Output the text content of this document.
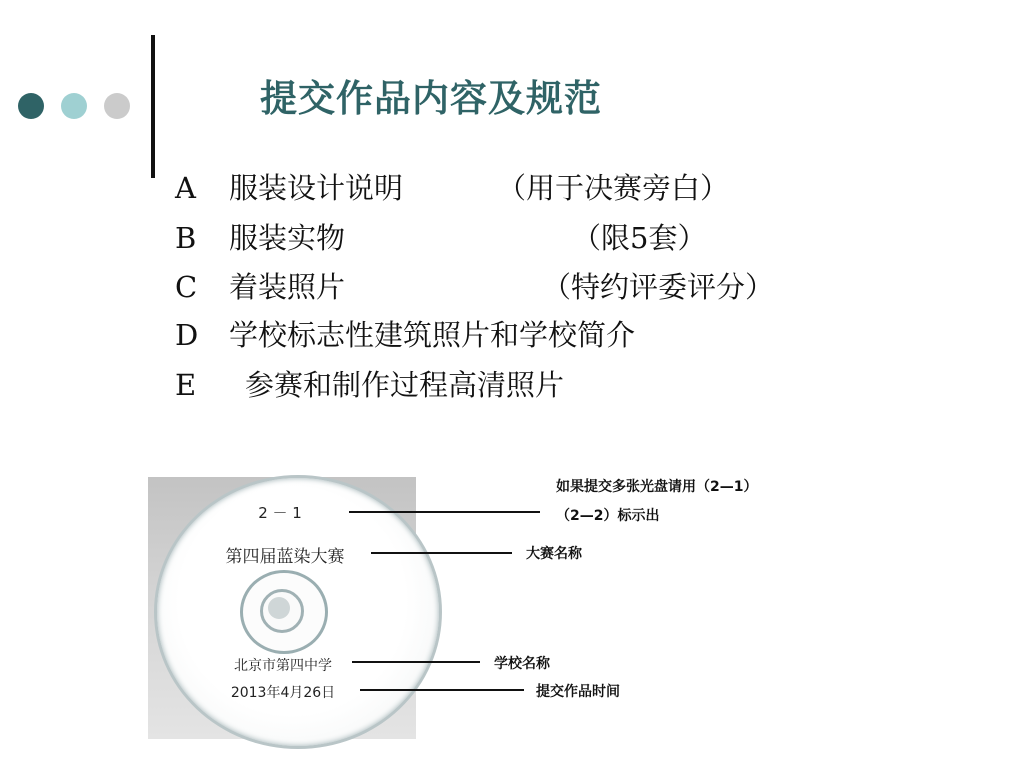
提交作品内容及规范
A	服装设计说明	（用于决赛旁白）
B	服装实物	（限5套）
C	着装照片	（特约评委评分）
D	学校标志性建筑照片和学校简介
E	参赛和制作过程高清照片
2 － 1
第四届蓝染大赛
北京市第四中学
2013年4月26日
如果提交多张光盘请用（2—1）
（2—2）标示出
大赛名称
学校名称
提交作品时间
